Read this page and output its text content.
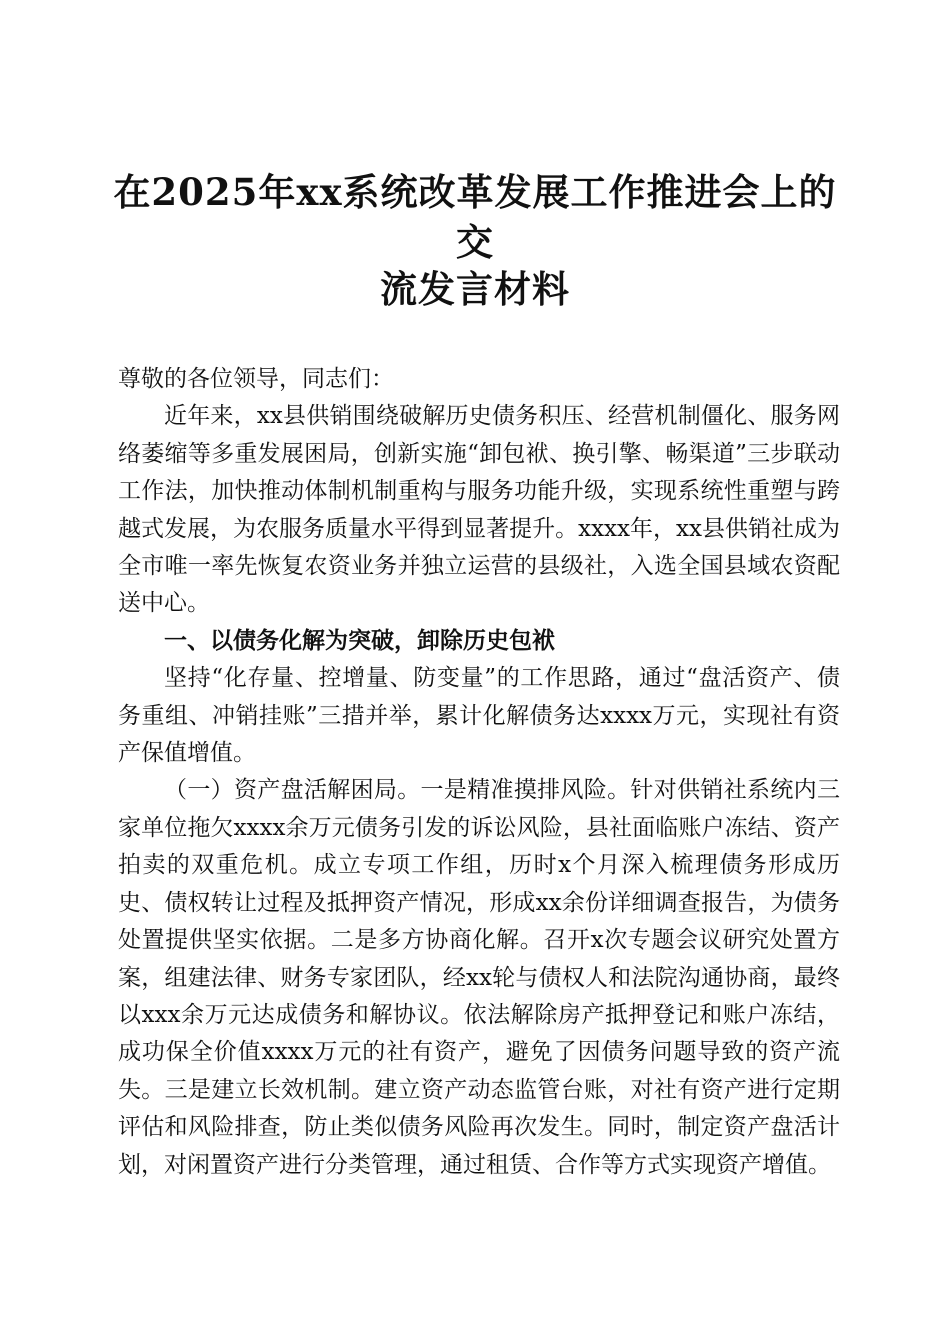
在2025年xx系统改革发展工作推进会上的交
流发言材料

尊敬的各位领导，同志们：

近年来，xx县供销围绕破解历史债务积压、经营机制僵化、服务网络萎缩等多重发展困局，创新实施“卸包袱、换引擎、畅渠道”三步联动工作法，加快推动体制机制重构与服务功能升级，实现系统性重塑与跨越式发展，为农服务质量水平得到显著提升。xxxx年，xx县供销社成为全市唯一率先恢复农资业务并独立运营的县级社，入选全国县域农资配送中心。

一、以债务化解为突破，卸除历史包袱

坚持“化存量、控增量、防变量”的工作思路，通过“盘活资产、债务重组、冲销挂账”三措并举，累计化解债务达xxxx万元，实现社有资产保值增值。

（一）资产盘活解困局。一是精准摸排风险。针对供销社系统内三家单位拖欠xxxx余万元债务引发的诉讼风险，县社面临账户冻结、资产拍卖的双重危机。成立专项工作组，历时x个月深入梳理债务形成历史、债权转让过程及抵押资产情况，形成xx余份详细调查报告，为债务处置提供坚实依据。二是多方协商化解。召开x次专题会议研究处置方案，组建法律、财务专家团队，经xx轮与债权人和法院沟通协商，最终以xxx余万元达成债务和解协议。依法解除房产抵押登记和账户冻结，成功保全价值xxxx万元的社有资产，避免了因债务问题导致的资产流失。三是建立长效机制。建立资产动态监管台账，对社有资产进行定期评估和风险排查，防止类似债务风险再次发生。同时，制定资产盘活计划，对闲置资产进行分类管理，通过租赁、合作等方式实现资产增值。
